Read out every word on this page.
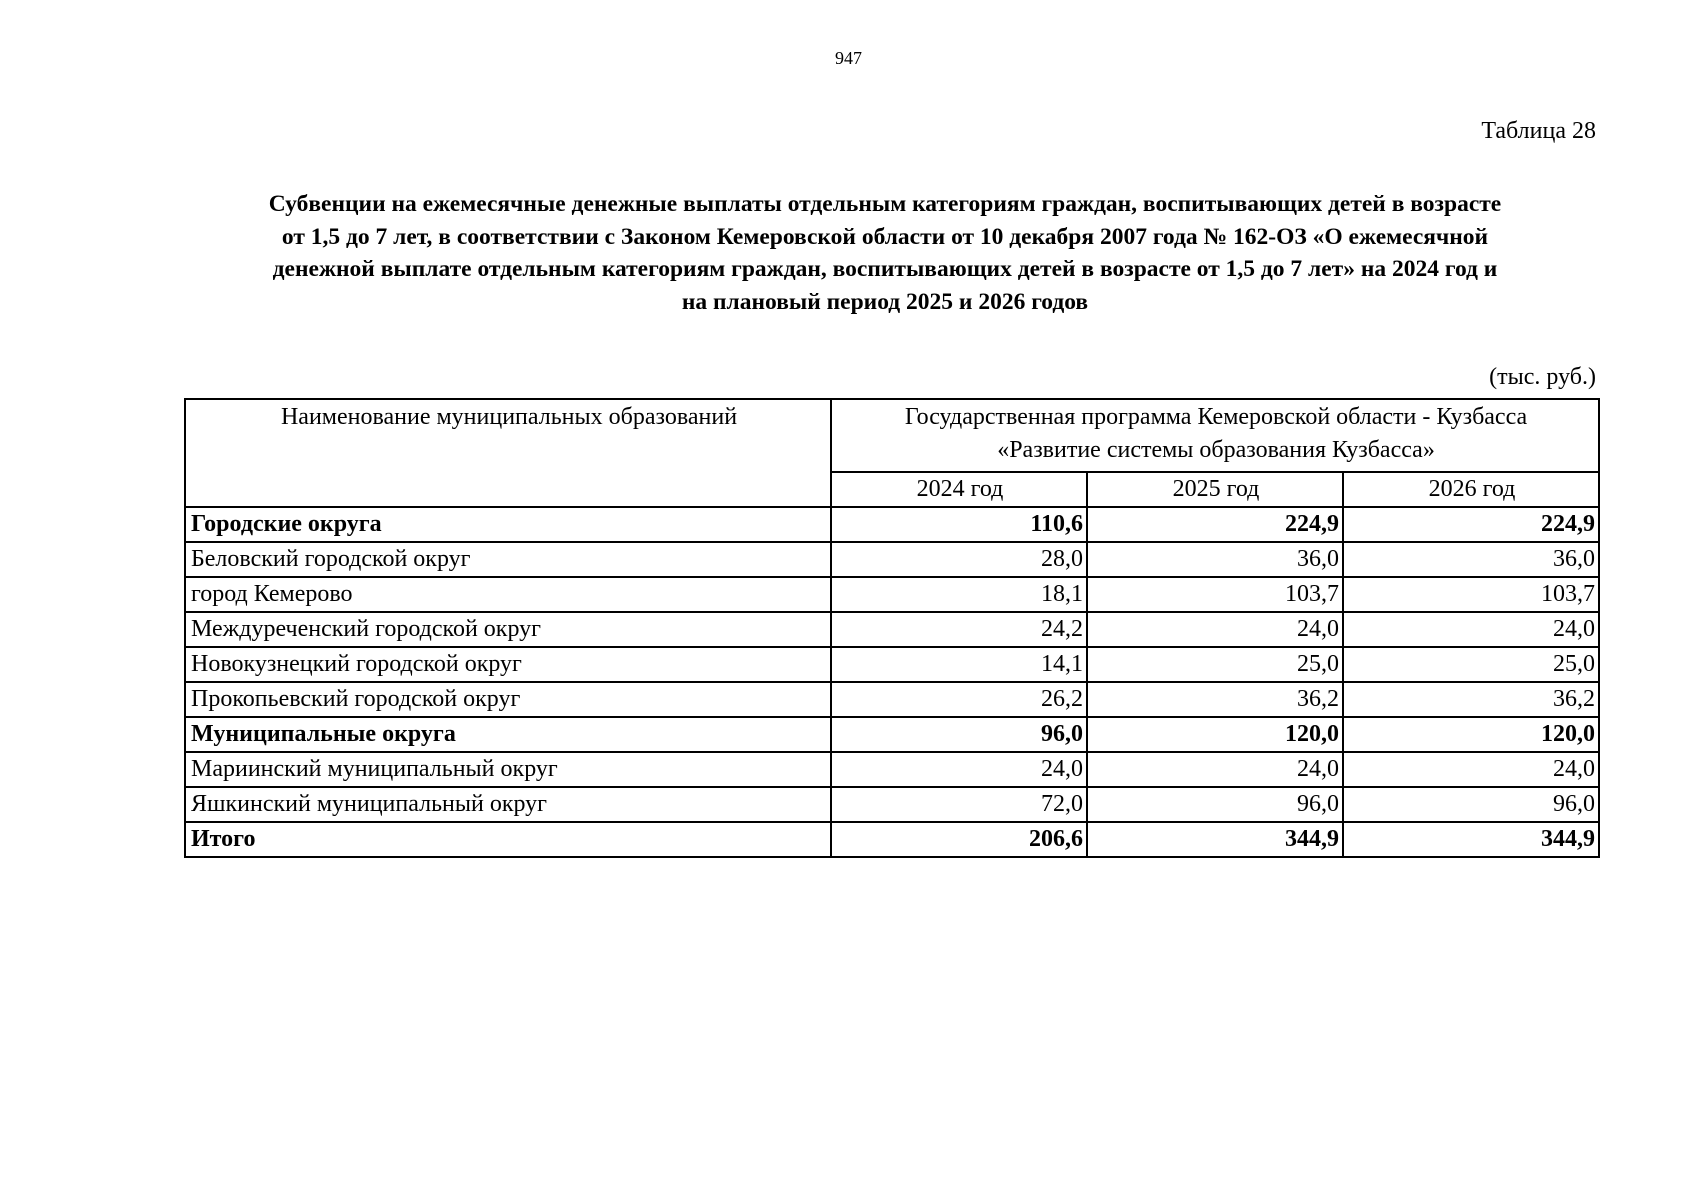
947
Таблица 28
Субвенции на ежемесячные денежные выплаты отдельным категориям граждан, воспитывающих детей в возрасте
от 1,5 до 7 лет, в соответствии с Законом Кемеровской области от 10 декабря 2007 года № 162-ОЗ «О ежемесячной
денежной выплате отдельным категориям граждан, воспитывающих детей в возрасте от 1,5 до 7 лет» на 2024 год и
на плановый период 2025 и 2026 годов
(тыс. руб.)
Наименование муниципальных образований	Государственная программа Кемеровской области - Кузбасса
«Развитие системы образования Кузбасса»		

	2024 год	2025 год	2026 год
Городские округа	110,6	224,9	224,9
Беловский городской округ	28,0	36,0	36,0
город Кемерово	18,1	103,7	103,7
Междуреченский городской округ	24,2	24,0	24,0
Новокузнецкий городской округ	14,1	25,0	25,0
Прокопьевский городской округ	26,2	36,2	36,2
Муниципальные округа	96,0	120,0	120,0
Мариинский муниципальный округ	24,0	24,0	24,0
Яшкинский муниципальный округ	72,0	96,0	96,0
Итого	206,6	344,9	344,9
